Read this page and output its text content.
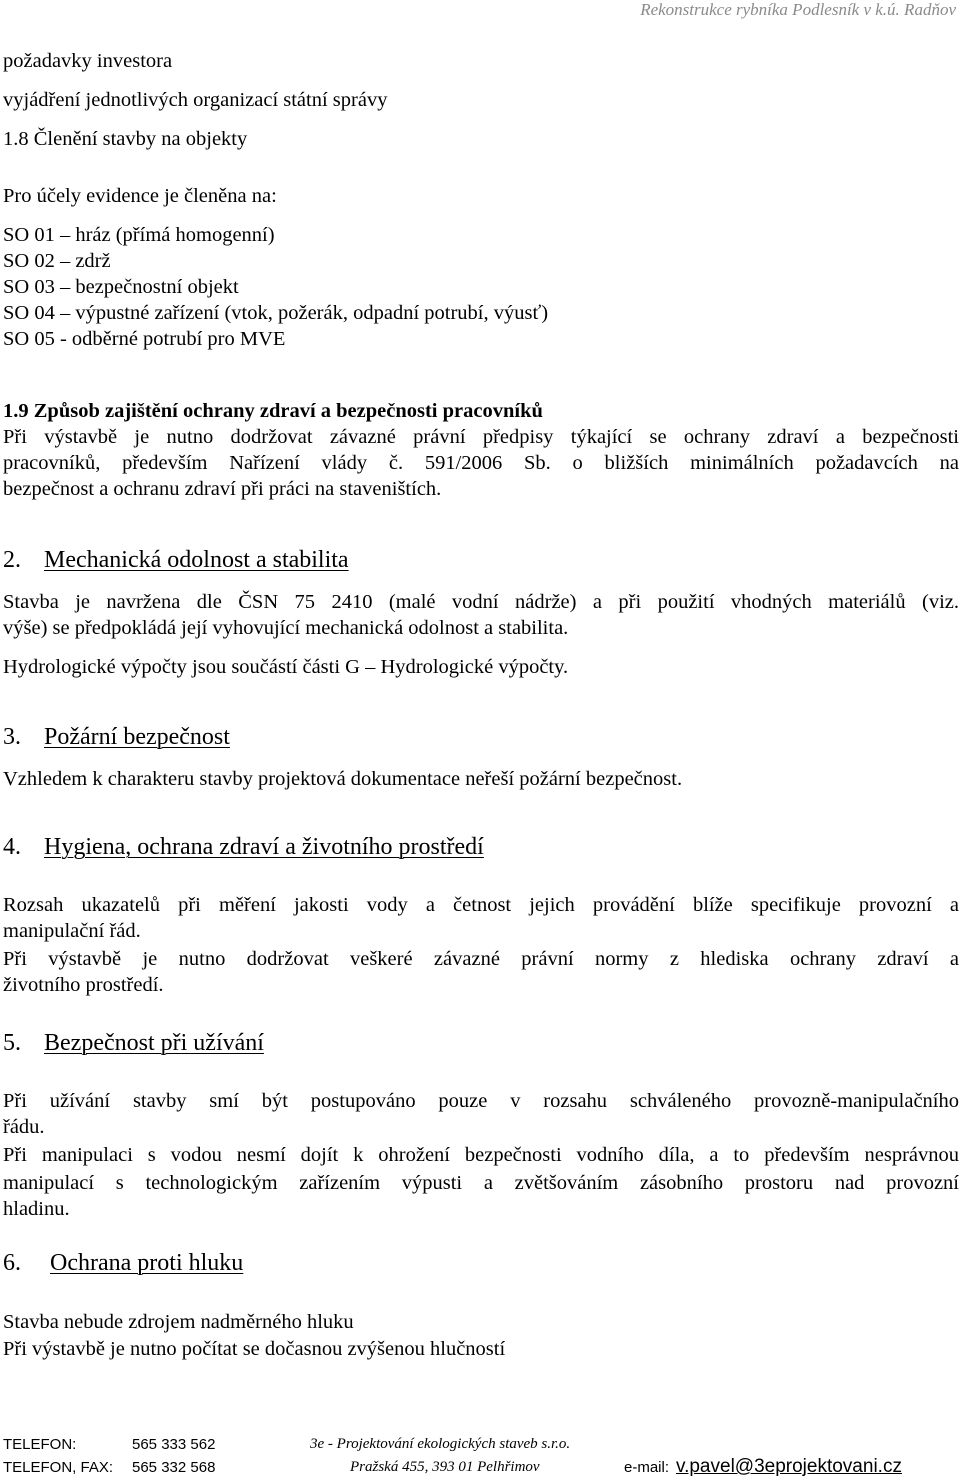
Rekonstrukce rybníka Podlesník v k.ú. Radňov
požadavky investora
vyjádření jednotlivých organizací státní správy
1.8 Členění stavby na objekty
Pro účely evidence je členěna na:
SO 01 – hráz (přímá homogenní)
SO 02 – zdrž
SO 03 – bezpečnostní objekt
SO 04 – výpustné zařízení (vtok, požerák, odpadní potrubí, výusť)
SO 05 - odběrné potrubí pro MVE
1.9 Způsob zajištění ochrany zdraví a bezpečnosti pracovníků
Při výstavbě je nutno dodržovat závazné právní předpisy týkající se ochrany zdraví a bezpečnosti
pracovníků, především Nařízení vlády č. 591/2006 Sb. o bližších minimálních požadavcích na
bezpečnost a ochranu zdraví při práci na staveništích.
2. Mechanická odolnost a stabilita
Stavba je navržena dle ČSN 75 2410 (malé vodní nádrže) a při použití vhodných materiálů (viz.
výše) se předpokládá její vyhovující mechanická odolnost a stabilita.
Hydrologické výpočty jsou součástí části G – Hydrologické výpočty.
3. Požární bezpečnost
Vzhledem k charakteru stavby projektová dokumentace neřeší požární bezpečnost.
4. Hygiena, ochrana zdraví a životního prostředí
Rozsah ukazatelů při měření jakosti vody a četnost jejich provádění blíže specifikuje provozní a
manipulační řád.
Při výstavbě je nutno dodržovat veškeré závazné právní normy z hlediska ochrany zdraví a
životního prostředí.
5. Bezpečnost při užívání
Při užívání stavby smí být postupováno pouze v rozsahu schváleného provozně-manipulačního
řádu.
Při manipulaci s vodou nesmí dojít k ohrožení bezpečnosti vodního díla, a to především nesprávnou
manipulací s technologickým zařízením výpusti a zvětšováním zásobního prostoru nad provozní
hladinu.
6. Ochrana proti hluku
Stavba nebude zdrojem nadměrného hluku
Při výstavbě je nutno počítat se dočasnou zvýšenou hlučností
TELEFON:	565 333 562	3e - Projektování ekologických staveb s.r.o.
TELEFON, FAX: 565 332 568	Pražská 455, 393 01 Pelhřimov	e-mail: v.pavel@3eprojektovani.cz
